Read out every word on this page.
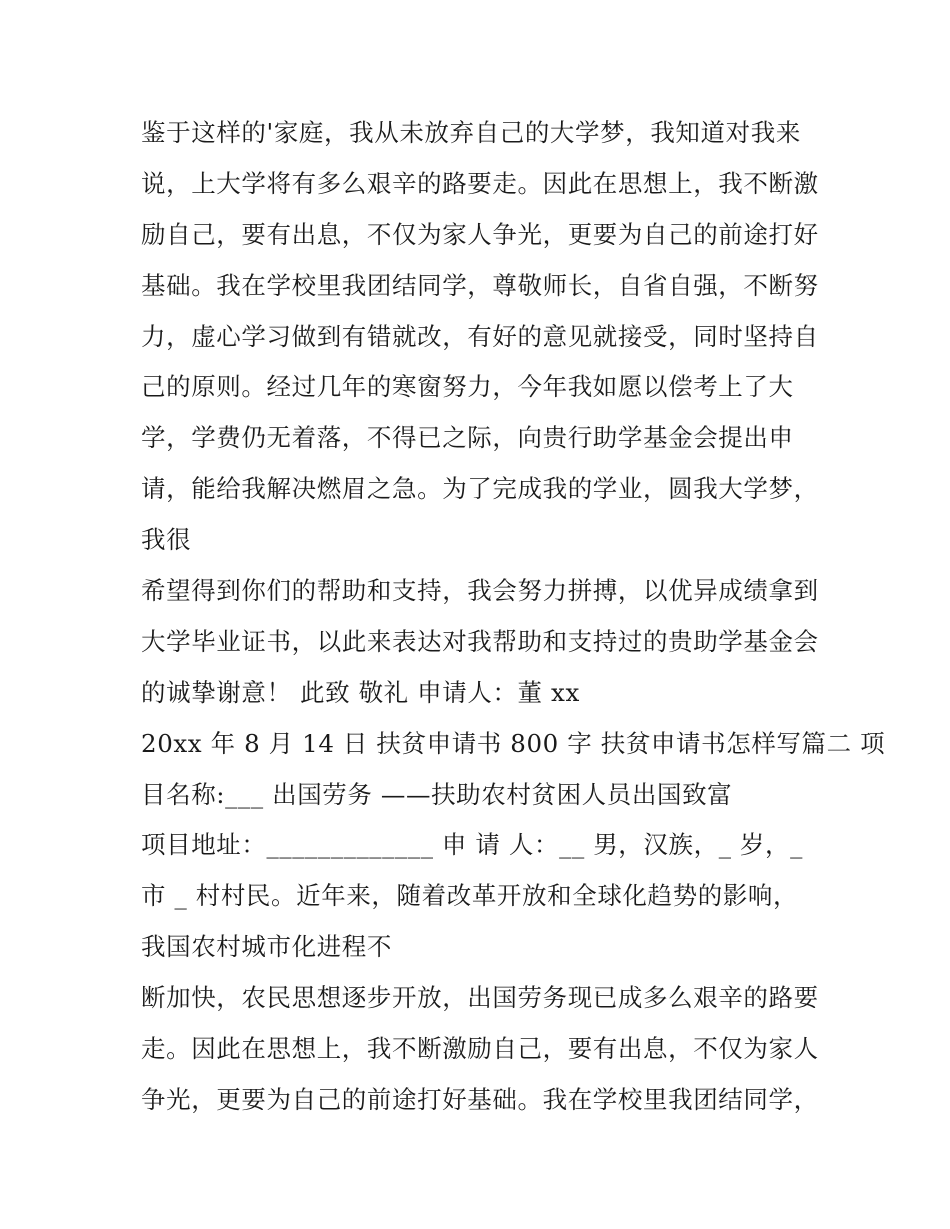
鉴于这样的'家庭，我从未放弃自己的大学梦，我知道对我来
说，上大学将有多么艰辛的路要走。因此在思想上，我不断激
励自己，要有出息，不仅为家人争光，更要为自己的前途打好
基础。我在学校里我团结同学，尊敬师长，自省自强，不断努
力，虚心学习做到有错就改，有好的意见就接受，同时坚持自
己的原则。经过几年的寒窗努力，今年我如愿以偿考上了大
学，学费仍无着落，不得已之际，向贵行助学基金会提出申
请，能给我解决燃眉之急。为了完成我的学业，圆我大学梦，
我很
希望得到你们的帮助和支持，我会努力拼搏，以优异成绩拿到
大学毕业证书，以此来表达对我帮助和支持过的贵助学基金会
的诚挚谢意！ 此致 敬礼 申请人：董 xx
20xx 年 8 月 14 日 扶贫申请书 800 字 扶贫申请书怎样写篇二 项
目名称:___ 出国劳务 ——扶助农村贫困人员出国致富
项目地址：_____________ 申 请 人：__ 男，汉族，_ 岁，_
市 _ 村村民。近年来，随着改革开放和全球化趋势的影响，
我国农村城市化进程不
断加快，农民思想逐步开放，出国劳务现已成多么艰辛的路要
走。因此在思想上，我不断激励自己，要有出息，不仅为家人
争光，更要为自己的前途打好基础。我在学校里我团结同学，
